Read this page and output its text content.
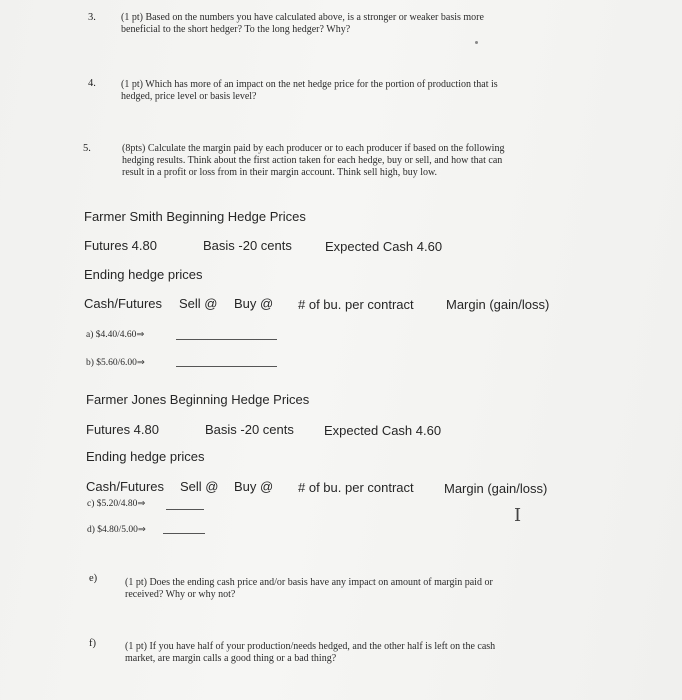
3.	(1 pt) Based on the numbers you have calculated above, is a stronger or weaker basis more
beneficial to the short hedger? To the long hedger? Why?
4.	(1 pt) Which has more of an impact on the net hedge price for the portion of production that is
hedged, price level or basis level?
5.	(8pts) Calculate the margin paid by each producer or to each producer if based on the following
hedging results. Think about the first action taken for each hedge, buy or sell, and how that can
result in a profit or loss from in their margin account. Think sell high, buy low.
Farmer Smith Beginning Hedge Prices
Futures 4.80	Basis -20 cents	Expected Cash 4.60
Ending hedge prices
Cash/Futures Sell @ Buy @ # of bu. per contract Margin (gain/loss)
a) $4.40/4.60⇒
b) $5.60/6.00⇒
Farmer Jones Beginning Hedge Prices
Futures 4.80	Basis -20 cents Expected Cash 4.60
Ending hedge prices
Cash/Futures Sell @ Buy @ # of bu. per contract Margin (gain/loss)
c) $5.20/4.80⇒
d) $4.80/5.00⇒
I
e)	(1 pt) Does the ending cash price and/or basis have any impact on amount of margin paid or
received? Why or why not?
f)	(1 pt) If you have half of your production/needs hedged, and the other half is left on the cash
market, are margin calls a good thing or a bad thing?
